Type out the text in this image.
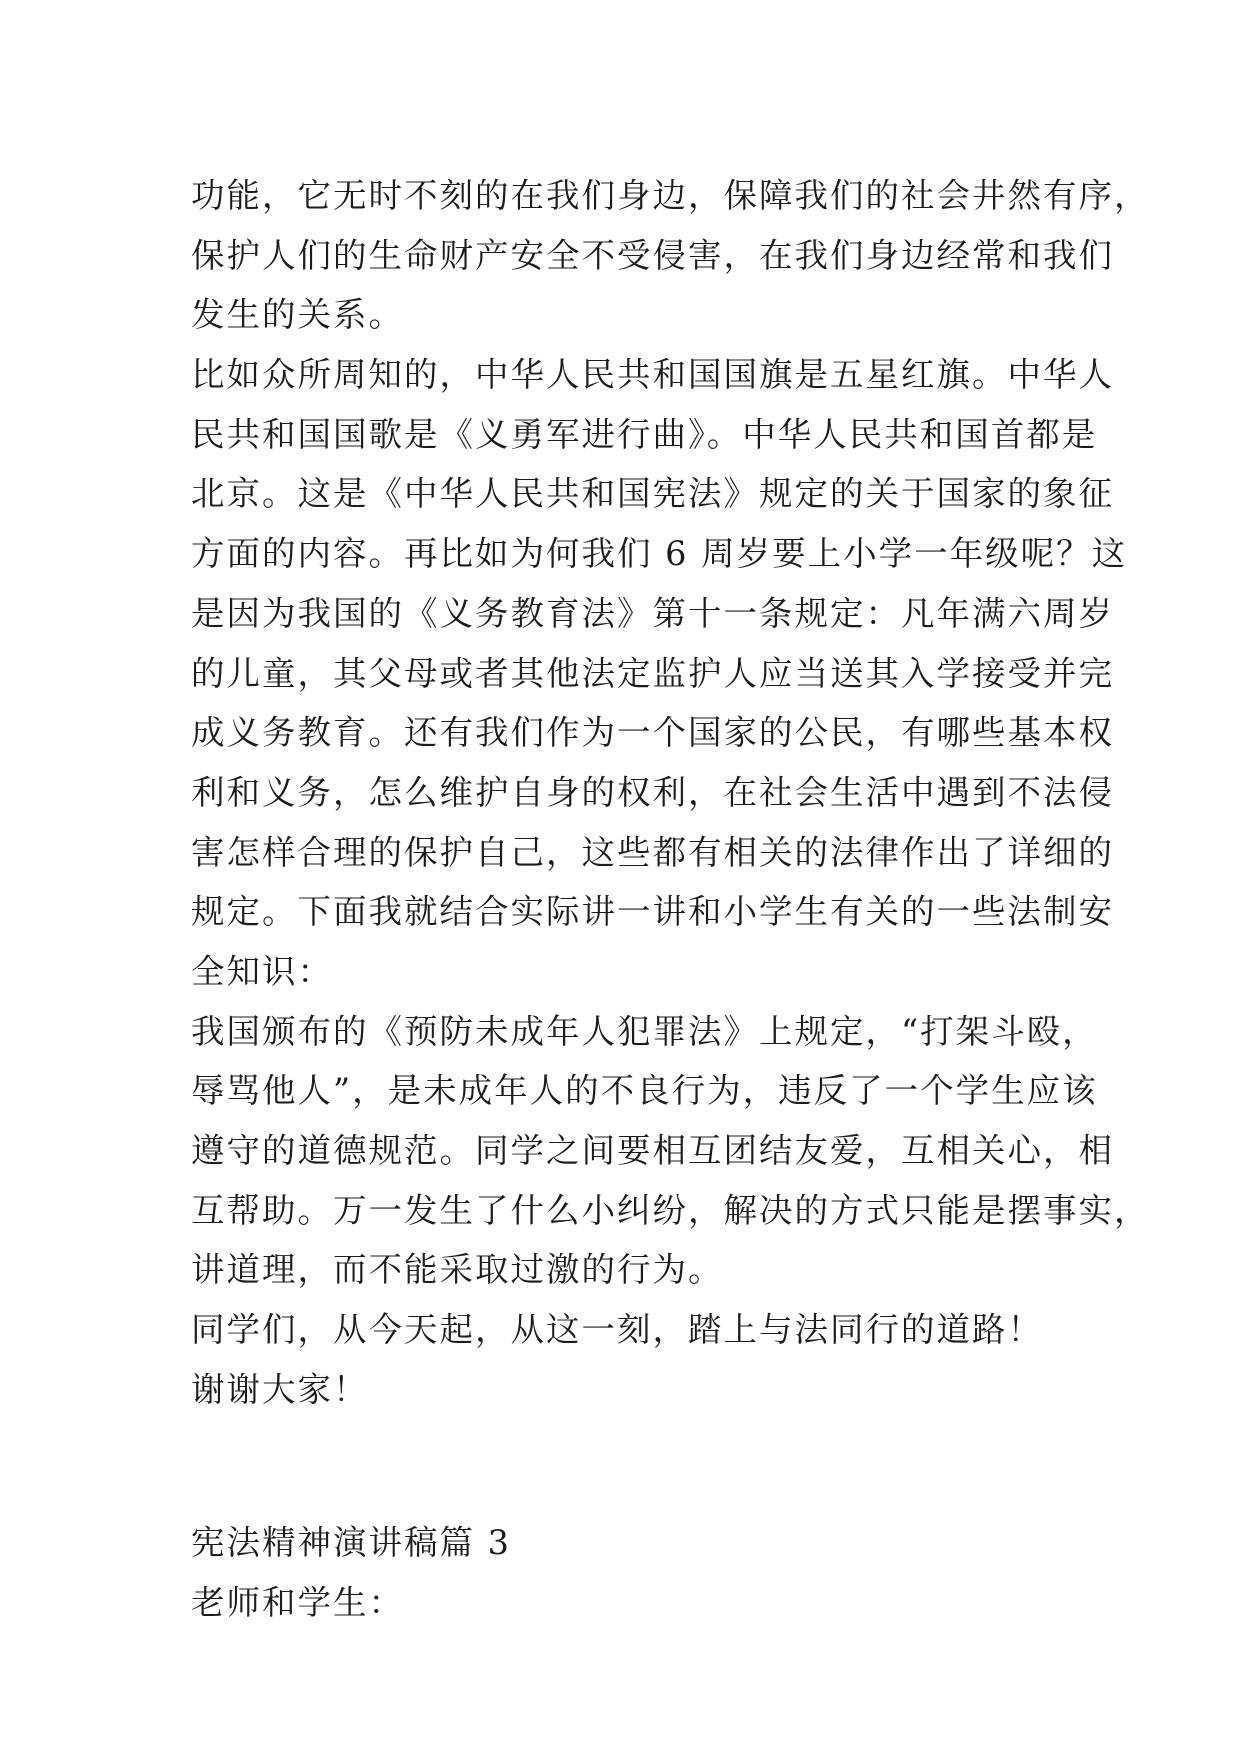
功能，它无时不刻的在我们身边，保障我们的社会井然有序，
保护人们的生命财产安全不受侵害，在我们身边经常和我们
发生的关系。
比如众所周知的，中华人民共和国国旗是五星红旗。中华人
民共和国国歌是《义勇军进行曲》。中华人民共和国首都是
北京。这是《中华人民共和国宪法》规定的关于国家的象征
方面的内容。再比如为何我们 6 周岁要上小学一年级呢？这
是因为我国的《义务教育法》第十一条规定：凡年满六周岁
的儿童，其父母或者其他法定监护人应当送其入学接受并完
成义务教育。还有我们作为一个国家的公民，有哪些基本权
利和义务，怎么维护自身的权利，在社会生活中遇到不法侵
害怎样合理的保护自己，这些都有相关的法律作出了详细的
规定。下面我就结合实际讲一讲和小学生有关的一些法制安
全知识：
我国颁布的《预防未成年人犯罪法》上规定，“打架斗殴，
辱骂他人”，是未成年人的不良行为，违反了一个学生应该
遵守的道德规范。同学之间要相互团结友爱，互相关心，相
互帮助。万一发生了什么小纠纷，解决的方式只能是摆事实，
讲道理，而不能采取过激的行为。
同学们，从今天起，从这一刻，踏上与法同行的道路！
谢谢大家！
宪法精神演讲稿篇 3
老师和学生：
